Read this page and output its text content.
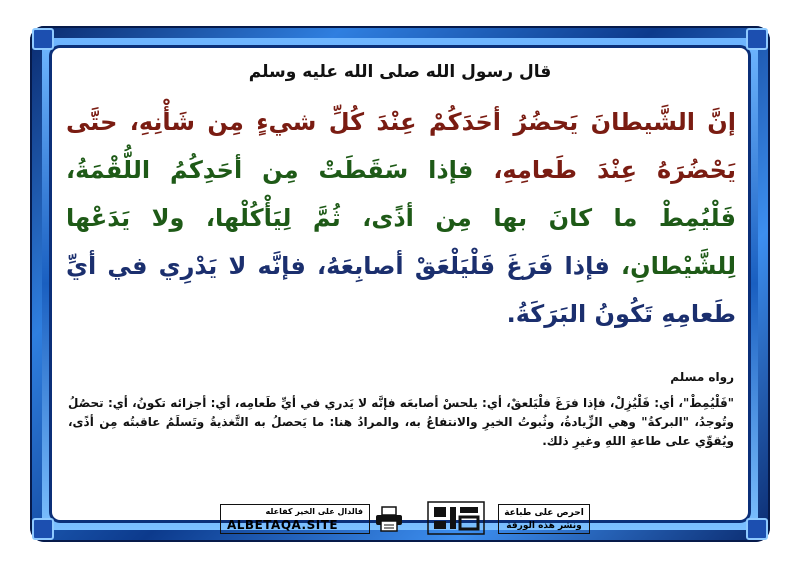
قال رسول الله صلى الله عليه وسلم
إنَّ الشَّيطانَ يَحضُرُ أحَدَكُمْ عِنْدَ كُلِّ شيءٍ مِن شَأْنِهِ، حتَّى يَحْضُرَهُ عِنْدَ طَعامِهِ، فإذا سَقَطَتْ مِن أحَدِكُمُ اللُّقْمَةُ، فَلْيُمِطْ ما كانَ بها مِن أذًى، ثُمَّ لِيَأْكُلْها، ولا يَدَعْها لِلشَّيْطانِ، فإذا فَرَغَ فَلْيَلْعَقْ أصابِعَهُ، فإنَّه لا يَدْرِي في أيِّ طَعامِهِ تَكُونُ البَرَكَةُ.
رواه مسلم
"فَلْيُمِطْ"، أي: فَلْيُزِلْ، فإذا فرَغَ فلْيَلعقْ، أي: يلحسْ أصابعَه فإنَّه لا يَدري في أيِّ طَعامِه، أي: أجزائه تكونُ، أي: تحصُلُ وتُوجدُ، "البركةُ" وهي الزِّيادةُ، وثُبوتُ الخيرِ والانتفاعُ به، والمرادُ هنا: ما يَحصلُ به التَّغذيةُ وتَسلَمُ عاقبتُه مِن أذًى، ويُقوِّي على طاعةِ اللهِ وغيرِ ذلك.
احرص على طباعة
ونشر هذه الورقة
فالدال على الخير كفاعله
ALBETAQA.SITE
